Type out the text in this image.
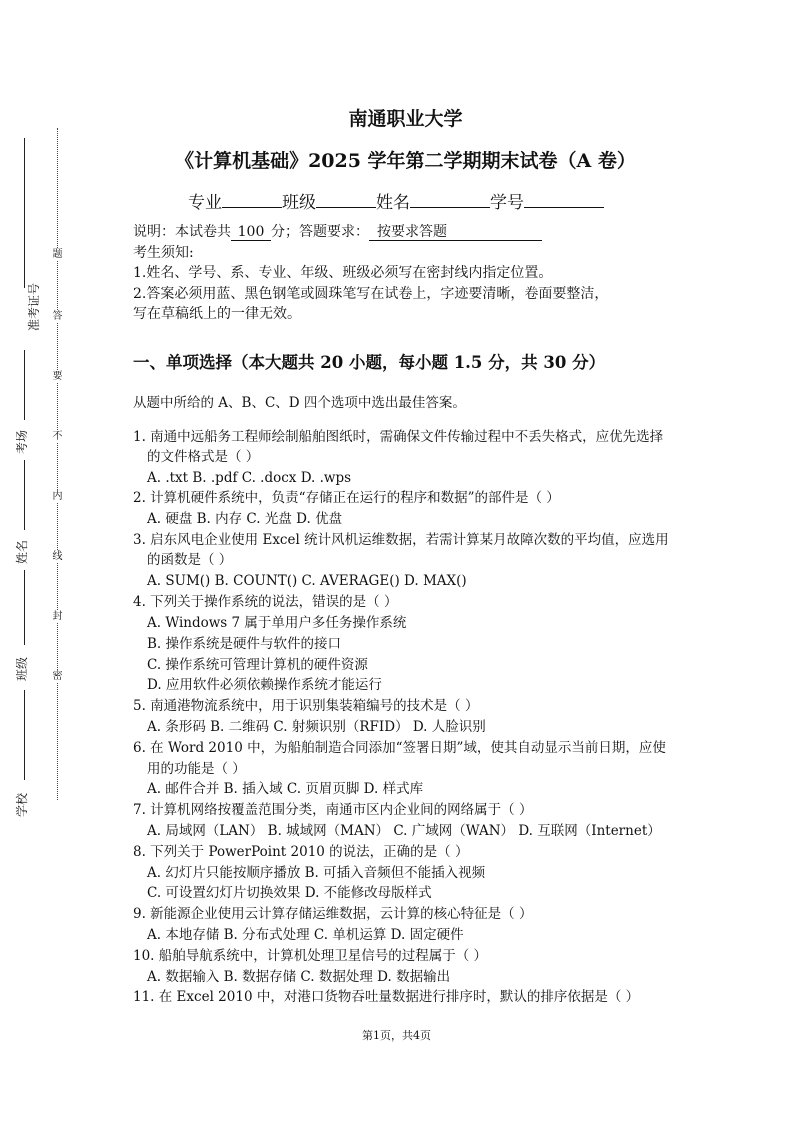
题
答
要
不
内
线
封
密
准考证号
考场
姓名
班级
学校
南通职业大学
《计算机基础》2025 学年第二学期期末试卷（A 卷）
专业	班级	姓名	学号
说明：本试卷共 100 分；答题要求： 按要求答题
考生须知:
1.姓名、学号、系、专业、年级、班级必须写在密封线内指定位置。
2.答案必须用蓝、黑色钢笔或圆珠笔写在试卷上，字迹要清晰，卷面要整洁，
写在草稿纸上的一律无效。
一、单项选择（本大题共 20 小题，每小题 1.5 分，共 30 分）
从题中所给的 A、B、C、D 四个选项中选出最佳答案。
1. 南通中远船务工程师绘制船舶图纸时，需确保文件传输过程中不丢失格式，应优先选择
的文件格式是（ ）
A. .txt B. .pdf C. .docx D. .wps
2. 计算机硬件系统中，负责“存储正在运行的程序和数据”的部件是（ ）
A. 硬盘 B. 内存 C. 光盘 D. 优盘
3. 启东风电企业使用 Excel 统计风机运维数据，若需计算某月故障次数的平均值，应选用
的函数是（ ）
A. SUM() B. COUNT() C. AVERAGE() D. MAX()
4. 下列关于操作系统的说法，错误的是（ ）
A. Windows 7 属于单用户多任务操作系统
B. 操作系统是硬件与软件的接口
C. 操作系统可管理计算机的硬件资源
D. 应用软件必须依赖操作系统才能运行
5. 南通港物流系统中，用于识别集装箱编号的技术是（ ）
A. 条形码 B. 二维码 C. 射频识别（RFID） D. 人脸识别
6. 在 Word 2010 中，为船舶制造合同添加“签署日期”域，使其自动显示当前日期，应使
用的功能是（ ）
A. 邮件合并 B. 插入域 C. 页眉页脚 D. 样式库
7. 计算机网络按覆盖范围分类，南通市区内企业间的网络属于（ ）
A. 局域网（LAN） B. 城域网（MAN） C. 广域网（WAN） D. 互联网（Internet）
8. 下列关于 PowerPoint 2010 的说法，正确的是（ ）
A. 幻灯片只能按顺序播放 B. 可插入音频但不能插入视频
C. 可设置幻灯片切换效果 D. 不能修改母版样式
9. 新能源企业使用云计算存储运维数据，云计算的核心特征是（ ）
A. 本地存储 B. 分布式处理 C. 单机运算 D. 固定硬件
10. 船舶导航系统中，计算机处理卫星信号的过程属于（ ）
A. 数据输入 B. 数据存储 C. 数据处理 D. 数据输出
11. 在 Excel 2010 中，对港口货物吞吐量数据进行排序时，默认的排序依据是（ ）
第1页，共4页
